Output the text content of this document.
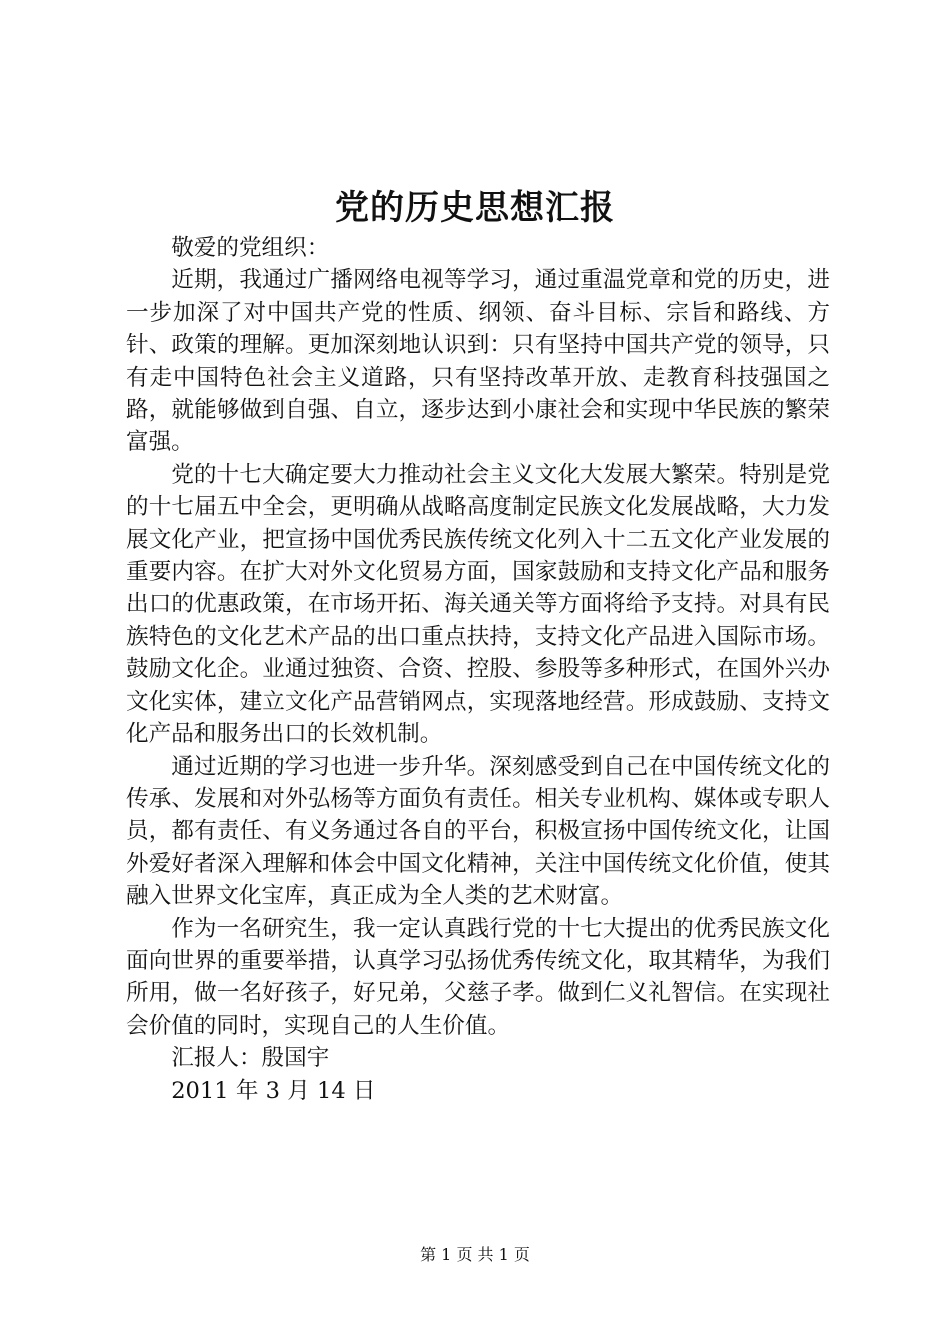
党的历史思想汇报

敬爱的党组织：

近期，我通过广播网络电视等学习，通过重温党章和党的历史，进一步加深了对中国共产党的性质、纲领、奋斗目标、宗旨和路线、方针、政策的理解。更加深刻地认识到：只有坚持中国共产党的领导，只有走中国特色社会主义道路，只有坚持改革开放、走教育科技强国之路，就能够做到自强、自立，逐步达到小康社会和实现中华民族的繁荣富强。

党的十七大确定要大力推动社会主义文化大发展大繁荣。特别是党的十七届五中全会，更明确从战略高度制定民族文化发展战略，大力发展文化产业，把宣扬中国优秀民族传统文化列入十二五文化产业发展的重要内容。在扩大对外文化贸易方面，国家鼓励和支持文化产品和服务出口的优惠政策，在市场开拓、海关通关等方面将给予支持。对具有民族特色的文化艺术产品的出口重点扶持，支持文化产品进入国际市场。鼓励文化企。业通过独资、合资、控股、参股等多种形式，在国外兴办文化实体，建立文化产品营销网点，实现落地经营。形成鼓励、支持文化产品和服务出口的长效机制。

通过近期的学习也进一步升华。深刻感受到自己在中国传统文化的传承、发展和对外弘杨等方面负有责任。相关专业机构、媒体或专职人员，都有责任、有义务通过各自的平台，积极宣扬中国传统文化，让国外爱好者深入理解和体会中国文化精神，关注中国传统文化价值，使其融入世界文化宝库，真正成为全人类的艺术财富。

作为一名研究生，我一定认真践行党的十七大提出的优秀民族文化面向世界的重要举措，认真学习弘扬优秀传统文化，取其精华，为我们所用，做一名好孩子，好兄弟，父慈子孝。做到仁义礼智信。在实现社会价值的同时，实现自己的人生价值。

汇报人：殷国宇

2011 年 3 月 14 日

第 1 页 共 1 页
